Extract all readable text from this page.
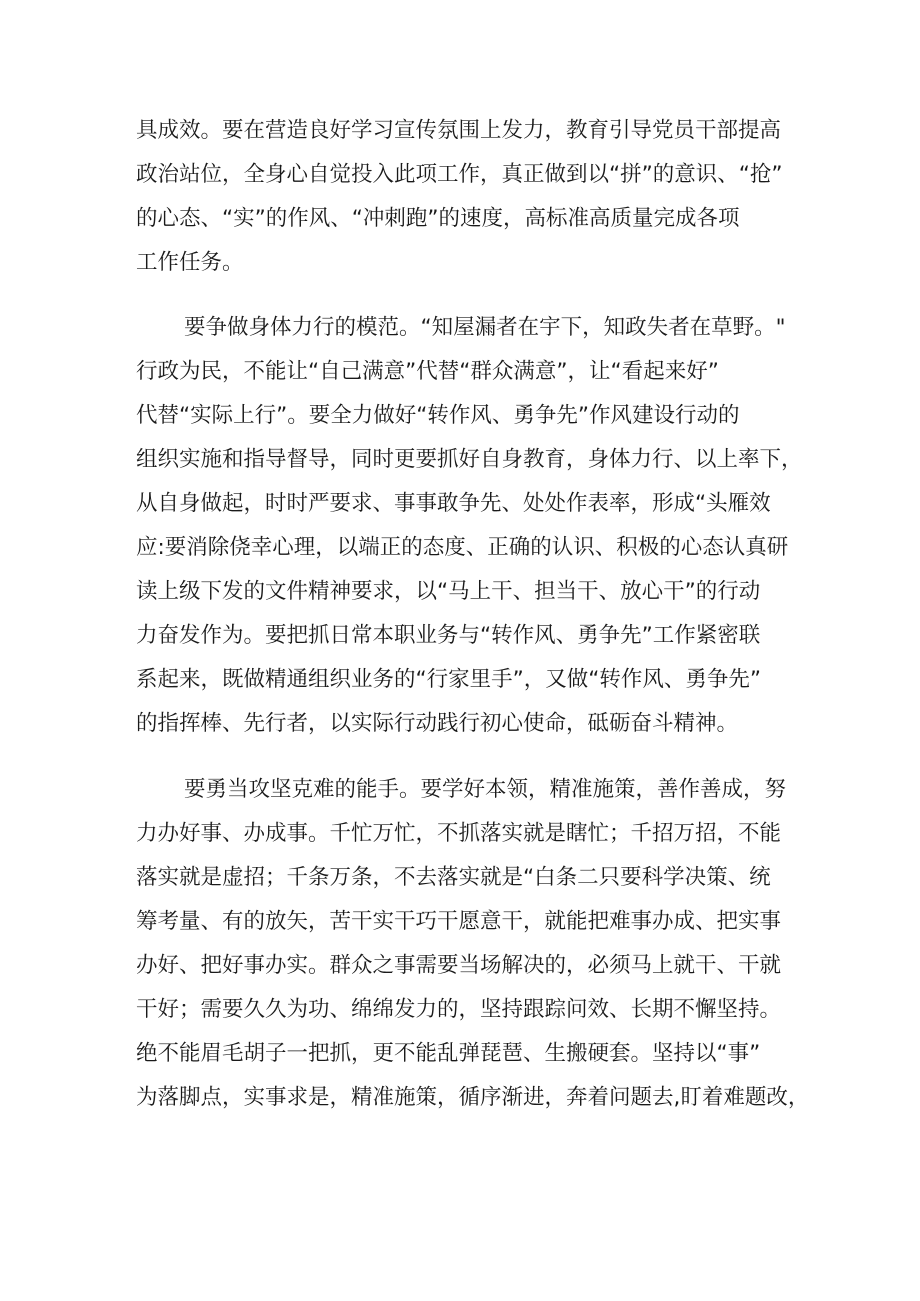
具成效。要在营造良好学习宣传氛围上发力，教育引导党员干部提高

政治站位，全身心自觉投入此项工作，真正做到以“拼”的意识、“抢”

的心态、“实”的作风、“冲刺跑”的速度，高标准高质量完成各项

工作任务。

要争做身体力行的模范。“知屋漏者在宇下，知政失者在草野。"

行政为民，不能让“自己满意”代替“群众满意”，让“看起来好”

代替“实际上行”。要全力做好“转作风、勇争先”作风建设行动的

组织实施和指导督导，同时更要抓好自身教育，身体力行、以上率下，

从自身做起，时时严要求、事事敢争先、处处作表率，形成“头雁效

应:要消除侥幸心理，以端正的态度、正确的认识、积极的心态认真研

读上级下发的文件精神要求，以“马上干、担当干、放心干”的行动

力奋发作为。要把抓日常本职业务与“转作风、勇争先”工作紧密联

系起来，既做精通组织业务的“行家里手”，又做“转作风、勇争先”

的指挥棒、先行者，以实际行动践行初心使命，砥砺奋斗精神。

要勇当攻坚克难的能手。要学好本领，精准施策，善作善成，努

力办好事、办成事。千忙万忙，不抓落实就是瞎忙；千招万招，不能

落实就是虚招；千条万条，不去落实就是“白条二只要科学决策、统

筹考量、有的放矢，苦干实干巧干愿意干，就能把难事办成、把实事

办好、把好事办实。群众之事需要当场解决的，必须马上就干、干就

干好；需要久久为功、绵绵发力的，坚持跟踪问效、长期不懈坚持。

绝不能眉毛胡子一把抓，更不能乱弹琵琶、生搬硬套。坚持以“事”

为落脚点，实事求是，精准施策，循序渐进，奔着问题去,盯着难题改，
